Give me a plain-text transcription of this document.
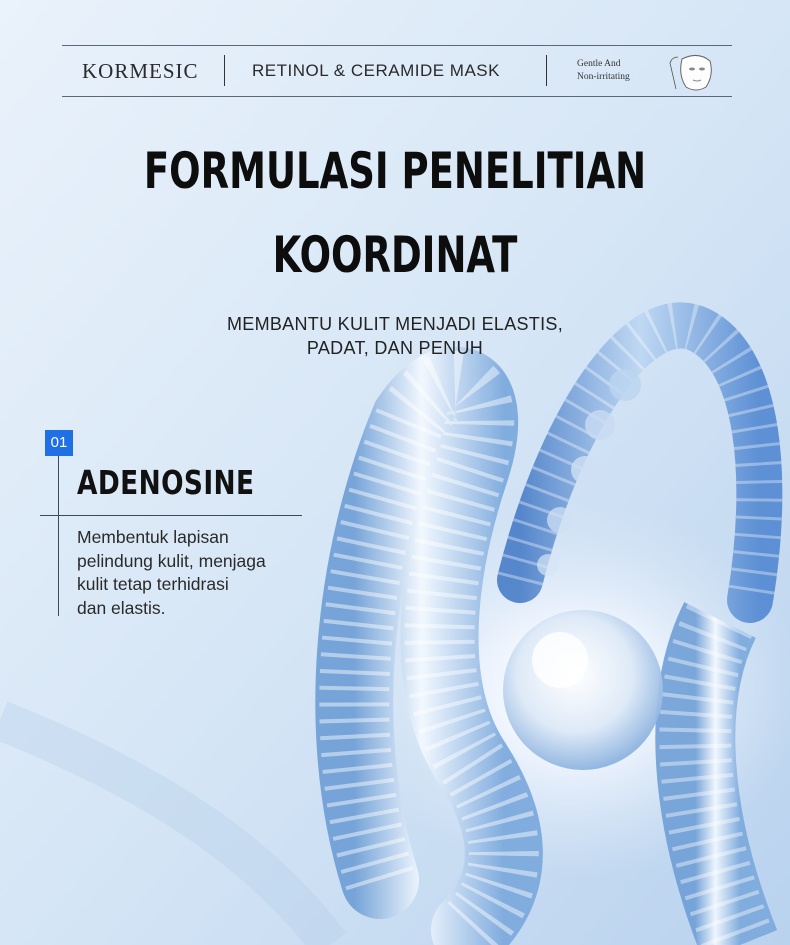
KORMESIC	RETINOL & CERAMIDE MASK	Gentle And
Non-irritating
FORMULASI PENELITIAN
KOORDINAT
MEMBANTU KULIT MENJADI ELASTIS,
PADAT, DAN PENUH
01
ADENOSINE
Membentuk lapisan
pelindung kulit, menjaga
kulit tetap terhidrasi
dan elastis.
